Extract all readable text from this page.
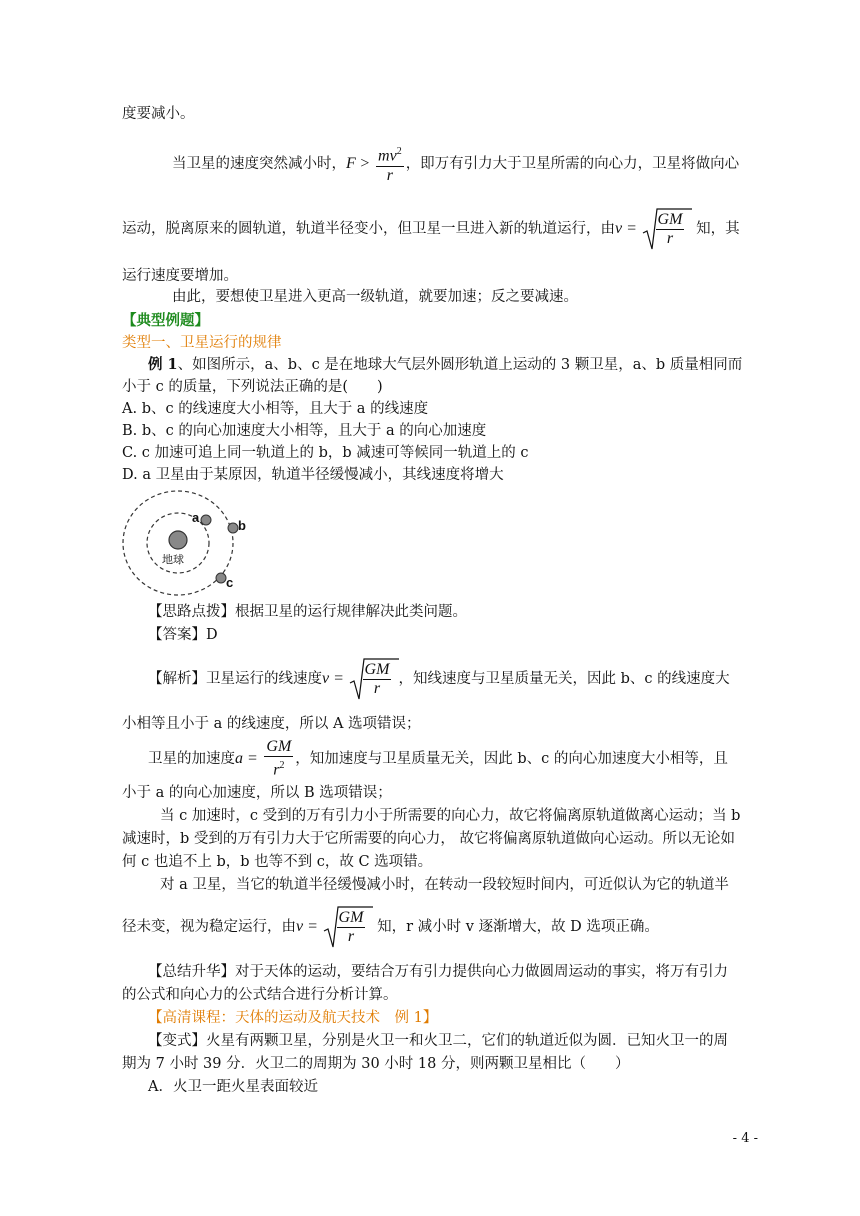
度要减小。
当卫星的速度突然减小时，$F > \frac{mv^2}{r}$ ，即万有引力大于卫星所需的向心力，卫星将做向心
运动，脱离原来的圆轨道，轨道半径变小，但卫星一旦进入新的轨道运行，由$v = \frac{GM}{r}$ 知，其
运行速度要增加。
由此，要想使卫星进入更高一级轨道，就要加速；反之要减速。
【典型例题】
类型一、卫星运行的规律
例 1、如图所示，a、b、c 是在地球大气层外圆形轨道上运动的 3 颗卫星，a、b 质量相同而
小于 c 的质量，下列说法正确的是(　　)
A. b、c 的线速度大小相等，且大于 a 的线速度
B. b、c 的向心加速度大小相等，且大于 a 的向心加速度
C. c 加速可追上同一轨道上的 b，b 减速可等候同一轨道上的 c
D. a 卫星由于某原因，轨道半径缓慢减小，其线速度将增大
a
b
c
地球
【思路点拨】根据卫星的运行规律解决此类问题。
【答案】D
【解析】卫星运行的线速度$v = \frac{GM}{r}$ ，知线速度与卫星质量无关，因此 b、c 的线速度大
小相等且小于 a 的线速度，所以 A 选项错误；
卫星的加速度$a = \frac{GM}{r^2}$ ，知加速度与卫星质量无关，因此 b、c 的向心加速度大小相等，且
小于 a 的向心加速度，所以 B 选项错误；
当 c 加速时，c 受到的万有引力小于所需要的向心力，故它将偏离原轨道做离心运动；当 b
减速时，b 受到的万有引力大于它所需要的向心力， 故它将偏离原轨道做向心运动。所以无论如
何 c 也追不上 b，b 也等不到 c，故 C 选项错。
对 a 卫星，当它的轨道半径缓慢减小时，在转动一段较短时间内，可近似认为它的轨道半
径未变，视为稳定运行，由$v = \frac{GM}{r}$ 知，r 减小时 v 逐渐增大，故 D 选项正确。
【总结升华】对于天体的运动，要结合万有引力提供向心力做圆周运动的事实，将万有引力
的公式和向心力的公式结合进行分析计算。
【高清课程：天体的运动及航天技术　例 1】
【变式】火星有两颗卫星，分别是火卫一和火卫二，它们的轨道近似为圆．已知火卫一的周
期为 7 小时 39 分．火卫二的周期为 30 小时 18 分，则两颗卫星相比（　　）
A．火卫一距火星表面较近
- 4 -
